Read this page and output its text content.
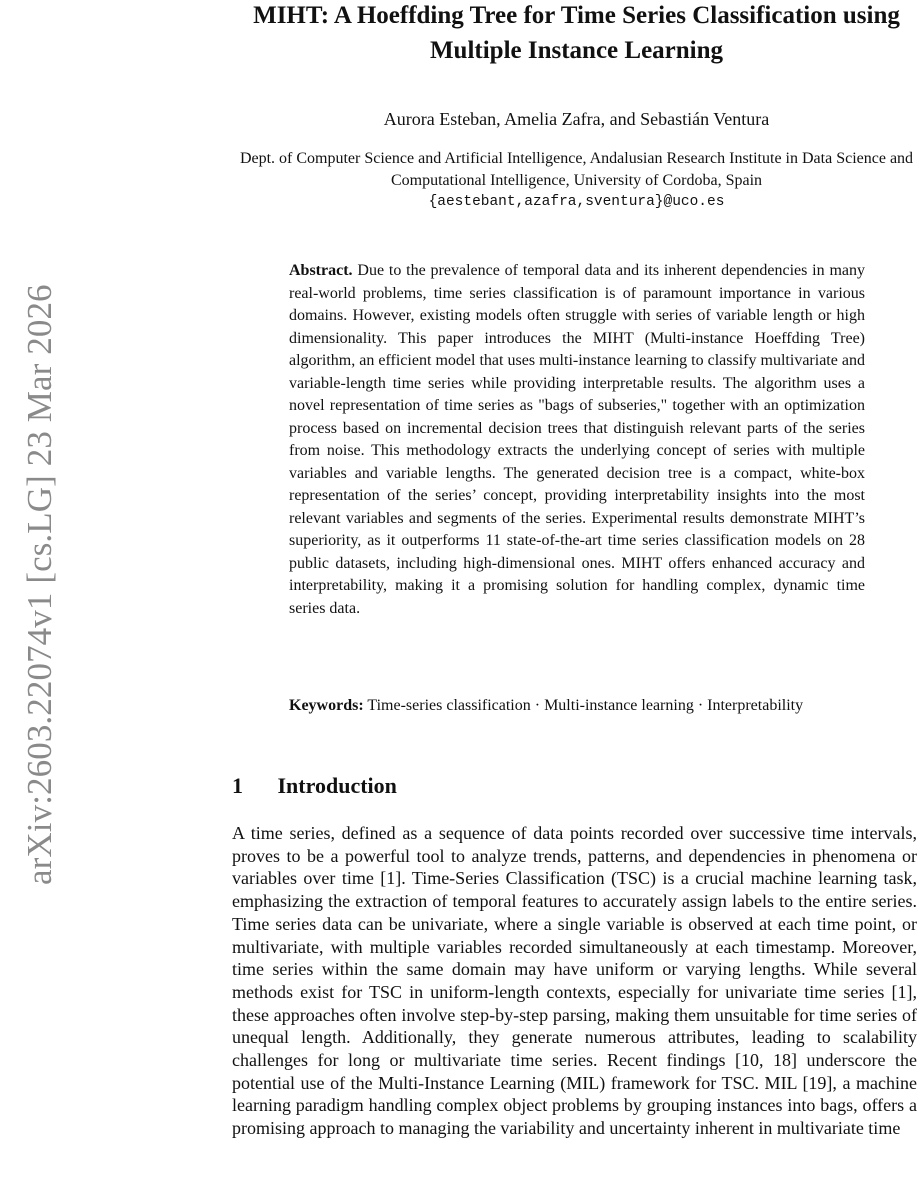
arXiv:2603.22074v1 [cs.LG] 23 Mar 2026
MIHT: A Hoeffding Tree for Time Series Classification using Multiple Instance Learning
Aurora Esteban, Amelia Zafra, and Sebastián Ventura
Dept. of Computer Science and Artificial Intelligence, Andalusian Research Institute in Data Science and Computational Intelligence, University of Cordoba, Spain
{aestebant,azafra,sventura}@uco.es

Abstract. Due to the prevalence of temporal data and its inherent dependencies in many real-world problems, time series classification is of paramount importance in various domains. However, existing models often struggle with series of variable length or high dimensionality. This paper introduces the MIHT (Multi-instance Hoeffding Tree) algorithm, an efficient model that uses multi-instance learning to classify multivariate and variable-length time series while providing interpretable results. The algorithm uses a novel representation of time series as "bags of subseries," together with an optimization process based on incremental decision trees that distinguish relevant parts of the series from noise. This methodology extracts the underlying concept of series with multiple variables and variable lengths. The generated decision tree is a compact, white-box representation of the series’ concept, providing interpretability insights into the most relevant variables and segments of the series. Experimental results demonstrate MIHT’s superiority, as it outperforms 11 state-of-the-art time series classification models on 28 public datasets, including high-dimensional ones. MIHT offers enhanced accuracy and interpretability, making it a promising solution for handling complex, dynamic time series data.

Keywords: Time-series classification · Multi-instance learning · Interpretability

1 Introduction

A time series, defined as a sequence of data points recorded over successive time intervals, proves to be a powerful tool to analyze trends, patterns, and dependencies in phenomena or variables over time [1]. Time-Series Classification (TSC) is a crucial machine learning task, emphasizing the extraction of temporal features to accurately assign labels to the entire series. Time series data can be univariate, where a single variable is observed at each time point, or multivariate, with multiple variables recorded simultaneously at each timestamp. Moreover, time series within the same domain may have uniform or varying lengths. While several methods exist for TSC in uniform-length contexts, especially for univariate time series [1], these approaches often involve step-by-step parsing, making them unsuitable for time series of unequal length. Additionally, they generate numerous attributes, leading to scalability challenges for long or multivariate time series. Recent findings [10, 18] underscore the potential use of the Multi-Instance Learning (MIL) framework for TSC. MIL [19], a machine learning paradigm handling complex object problems by grouping instances into bags, offers a promising approach to managing the variability and uncertainty inherent in multivariate time
